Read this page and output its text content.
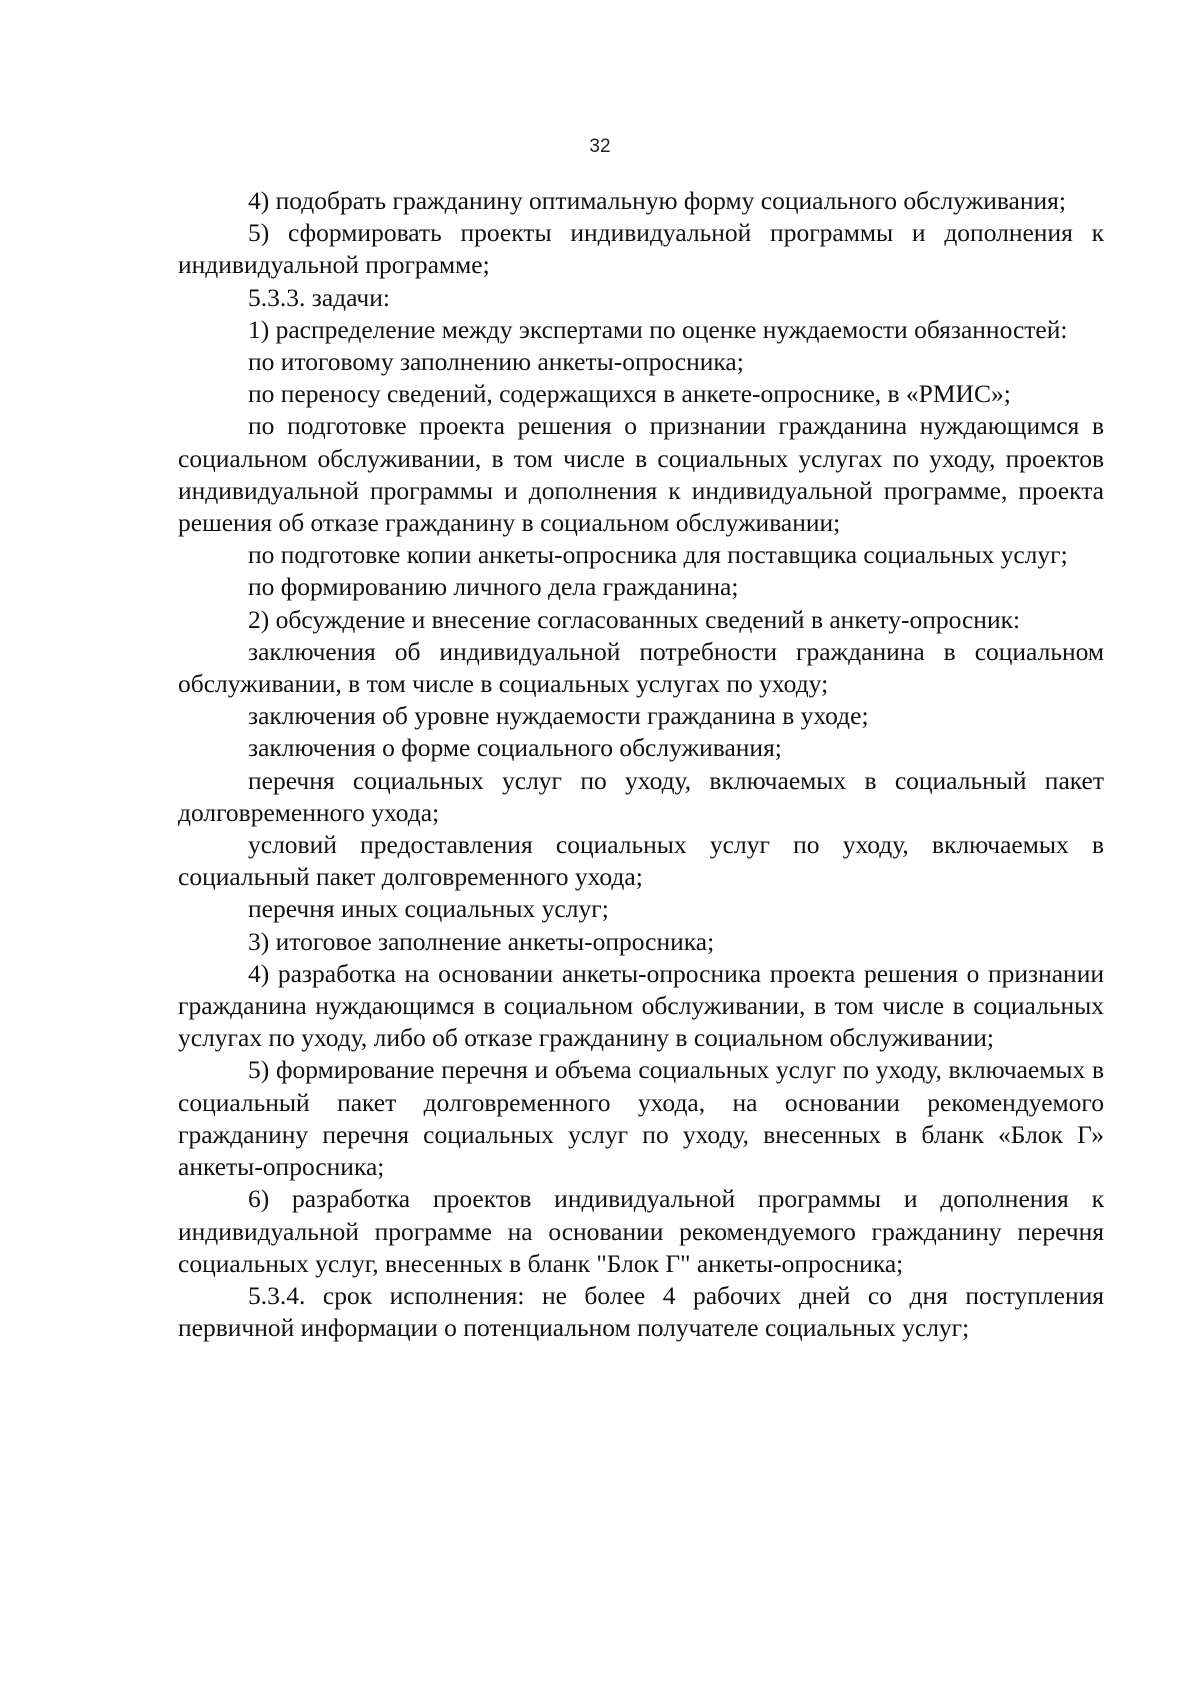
32

4) подобрать гражданину оптимальную форму социального обслуживания;

5) сформировать проекты индивидуальной программы и дополнения к индивидуальной программе;

5.3.3. задачи:

1) распределение между экспертами по оценке нуждаемости обязанностей:

по итоговому заполнению анкеты-опросника;

по переносу сведений, содержащихся в анкете-опроснике, в «РМИС»;

по подготовке проекта решения о признании гражданина нуждающимся в социальном обслуживании, в том числе в социальных услугах по уходу, проектов индивидуальной программы и дополнения к индивидуальной программе, проекта решения об отказе гражданину в социальном обслуживании;

по подготовке копии анкеты-опросника для поставщика социальных услуг;

по формированию личного дела гражданина;

2) обсуждение и внесение согласованных сведений в анкету-опросник:

заключения об индивидуальной потребности гражданина в социальном обслуживании, в том числе в социальных услугах по уходу;

заключения об уровне нуждаемости гражданина в уходе;

заключения о форме социального обслуживания;

перечня социальных услуг по уходу, включаемых в социальный пакет долговременного ухода;

условий предоставления социальных услуг по уходу, включаемых в социальный пакет долговременного ухода;

перечня иных социальных услуг;

3) итоговое заполнение анкеты-опросника;

4) разработка на основании анкеты-опросника проекта решения о признании гражданина нуждающимся в социальном обслуживании, в том числе в социальных услугах по уходу, либо об отказе гражданину в социальном обслуживании;

5) формирование перечня и объема социальных услуг по уходу, включаемых в социальный пакет долговременного ухода, на основании рекомендуемого гражданину перечня социальных услуг по уходу, внесенных в бланк «Блок Г» анкеты-опросника;

6) разработка проектов индивидуальной программы и дополнения к индивидуальной программе на основании рекомендуемого гражданину перечня социальных услуг, внесенных в бланк "Блок Г" анкеты-опросника;

5.3.4. срок исполнения: не более 4 рабочих дней со дня поступления первичной информации о потенциальном получателе социальных услуг;
